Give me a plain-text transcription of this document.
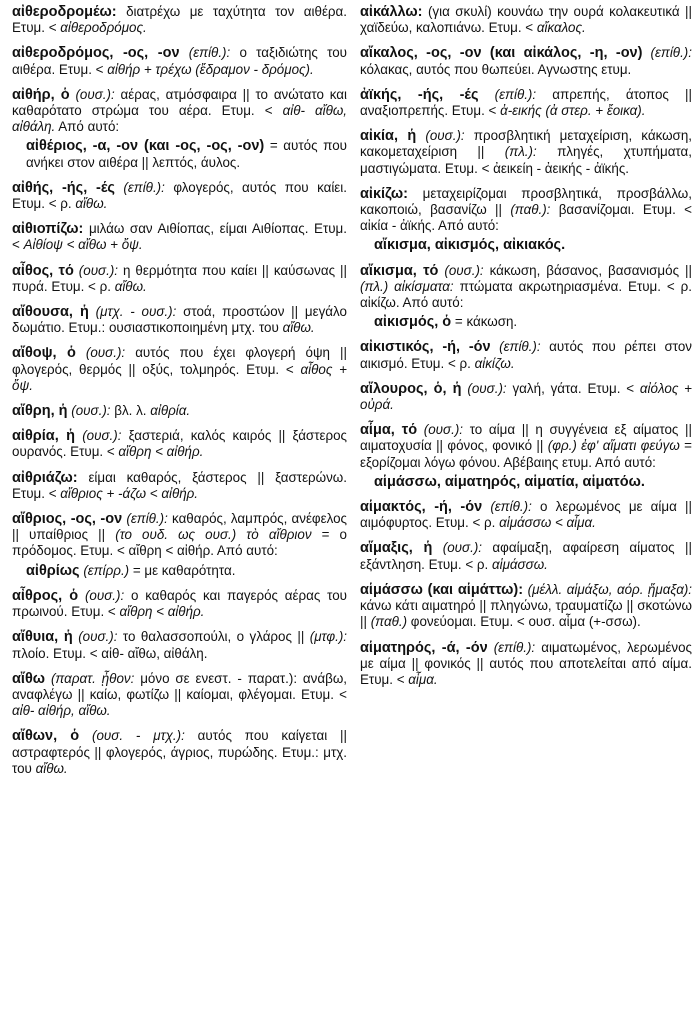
αἰθεροδρομέω: διατρέχω με ταχύτητα τον αιθέρα. Ετυμ. < αἰθεροδρόμος.
αἰθεροδρόμος, -ος, -ον (επίθ.): ο ταξιδιώτης του αιθέρα. Ετυμ. < αἰθήρ + τρέχω (ἔδραμον - δρόμος).
αἰθήρ, ὁ (ουσ.): αέρας, ατμόσφαιρα || το ανώτατο και καθαρότατο στρώμα του αέρα. Ετυμ. < αἰθ- αἴθω, αἰθάλη. Από αυτό:
αἰθέριος, -α, -ον (και -ος, -ος, -ον) = αυτός που ανήκει στον αιθέρα || λεπτός, άυλος.
αἰθής, -ής, -ές (επίθ.): φλογερός, αυτός που καίει. Ετυμ. < ρ. αἴθω.
αἰθιοπίζω: μιλάω σαν Αιθίοπας, είμαι Αιθίοπας. Ετυμ. < Αἰθίοψ < αἴθω + ὄψ.
αἶθος, τό (ουσ.): η θερμότητα που καίει || καύσωνας || πυρά. Ετυμ. < ρ. αἴθω.
αἴθουσα, ἡ (μτχ. - ουσ.): στοά, προστώον || μεγάλο δωμάτιο. Ετυμ.: ουσιαστικοποιημένη μτχ. του αἴθω.
αἴθοψ, ὁ (ουσ.): αυτός που έχει φλογερή όψη || φλογερός, θερμός || οξύς, τολμηρός. Ετυμ. < αἶθος + ὄψ.
αἴθρη, ἡ (ουσ.): βλ. λ. αἰθρία.
αἰθρία, ἡ (ουσ.): ξαστεριά, καλός καιρός || ξάστερος ουρανός. Ετυμ. < αἴθρη < αἰθήρ.
αἰθριάζω: είμαι καθαρός, ξάστερος || ξαστερώνω. Ετυμ. < αἴθριος + -άζω < αἰθήρ.
αἴθριος, -ος, -ον (επίθ.): καθαρός, λαμπρός, ανέφελος || υπαίθριος || (το ουδ. ως ουσ.) τὸ αἴθριον = ο πρόδομος. Ετυμ. < αἴθρη < αἰθήρ. Από αυτό:
αἰθρίως (επίρρ.) = με καθαρότητα.
αἶθρος, ὁ (ουσ.): ο καθαρός και παγερός αέρας του πρωινού. Ετυμ. < αἴθρη < αἰθήρ.
αἴθυια, ἡ (ουσ.): το θαλασσοπούλι, ο γλάρος || (μτφ.): πλοίο. Ετυμ. < αἰθ- αἴθω, αἰθάλη.
αἴθω (παρατ. ᾖθον: μόνο σε ενεστ. - παρατ.): ανάβω, αναφλέγω || καίω, φωτίζω || καίομαι, φλέγομαι. Ετυμ. < αἰθ- αἰθήρ, αἴθω.
αἴθων, ὁ (ουσ. - μτχ.): αυτός που καίγεται || αστραφτερός || φλογερός, άγριος, πυρώδης. Ετυμ.: μτχ. του αἴθω.
αἰκάλλω: (για σκυλί) κουνάω την ουρά κολακευτικά || χαϊδεύω, καλοπιάνω. Ετυμ. < αἴκαλος.
αἴκαλος, -ος, -ον (και αἰκάλος, -η, -ον) (επίθ.): κόλακας, αυτός που θωπεύει. Αγνωστης ετυμ.
ἀϊκής, -ής, -ές (επίθ.): απρεπής, άτοπος || αναξιοπρεπής. Ετυμ. < ἀ-εικής (ἀ στερ. + ἔοικα).
αἰκία, ἡ (ουσ.): προσβλητική μεταχείριση, κάκωση, κακομεταχείριση || (πλ.): πληγές, χτυπήματα, μαστιγώματα. Ετυμ. < ἀεικείη - ἀεικής - ἀϊκής.
αἰκίζω: μεταχειρίζομαι προσβλητικά, προσβάλλω, κακοποιώ, βασανίζω || (παθ.): βασανίζομαι. Ετυμ. < αἰκία - ἀϊκής. Από αυτό:
αἴκισμα, αἰκισμός, αἰκιακός.
αἴκισμα, τό (ουσ.): κάκωση, βάσανος, βασανισμός || (πλ.) αἰκίσματα: πτώματα ακρωτηριασμένα. Ετυμ. < ρ. αἰκίζω. Από αυτό:
αἰκισμός, ὁ = κάκωση.
αἰκιστικός, -ή, -όν (επίθ.): αυτός που ρέπει στον αικισμό. Ετυμ. < ρ. αἰκίζω.
αἴλουρος, ὁ, ἡ (ουσ.): γαλή, γάτα. Ετυμ. < αἰόλος + οὐρά.
αἷμα, τό (ουσ.): το αίμα || η συγγένεια εξ αίματος || αιματοχυσία || φόνος, φονικό || (φρ.) ἐφ' αἵματι φεύγω = εξορίζομαι λόγω φόνου. Αβέβαιης ετυμ. Από αυτό:
αἱμάσσω, αἱματηρός, αἱματία, αἱματόω.
αἱμακτός, -ή, -όν (επίθ.): ο λερωμένος με αίμα || αιμόφυρτος. Ετυμ. < ρ. αἱμάσσω < αἷμα.
αἵμαξις, ἡ (ουσ.): αφαίμαξη, αφαίρεση αίματος || εξάντληση. Ετυμ. < ρ. αἱμάσσω.
αἱμάσσω (και αἱμάττω): (μέλλ. αἱμάξω, αόρ. ᾕμαξα): κάνω κάτι αιματηρό || πληγώνω, τραυματίζω || σκοτώνω || (παθ.) φονεύομαι. Ετυμ. < ουσ. αἷμα (+-σσω).
αἱματηρός, -ά, -όν (επίθ.): αιματωμένος, λερωμένος με αίμα || φονικός || αυτός που αποτελείται από αίμα. Ετυμ. < αἷμα.
